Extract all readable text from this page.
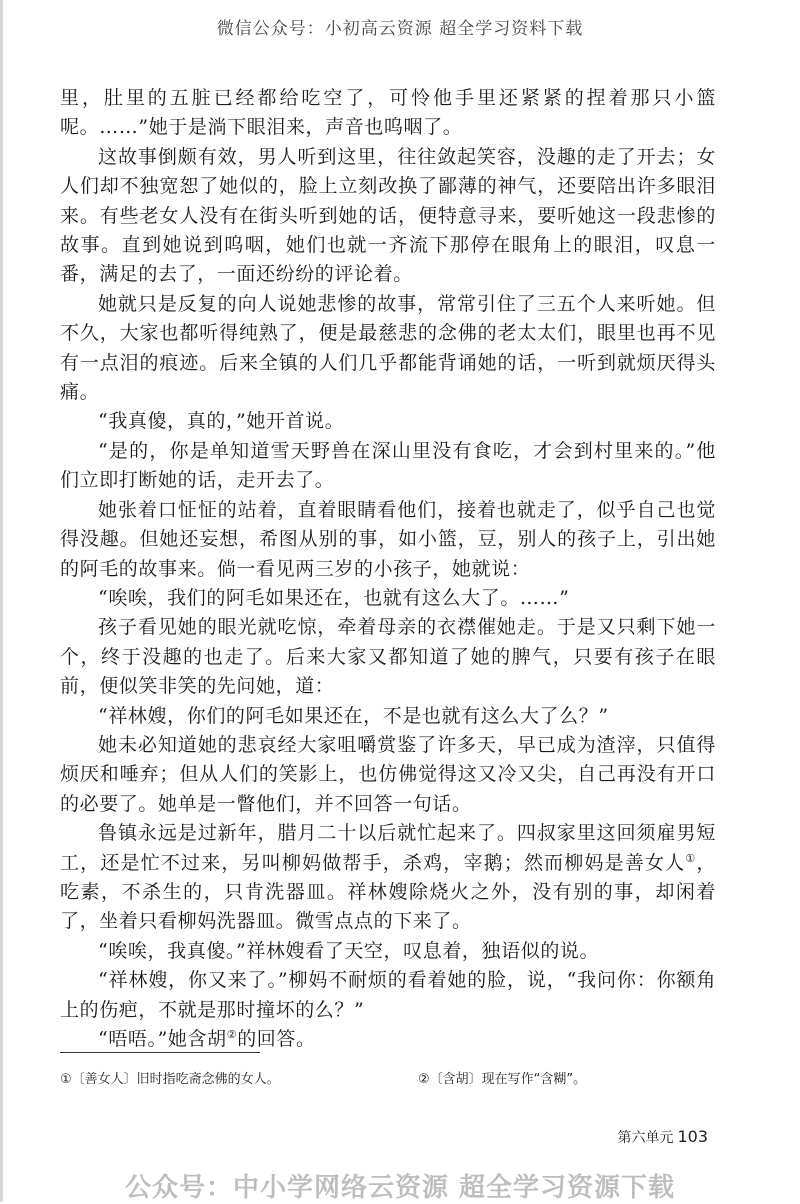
微信公众号：小初高云资源 超全学习资料下载

里，肚里的五脏已经都给吃空了，可怜他手里还紧紧的捏着那只小篮呢。……”她于是淌下眼泪来，声音也呜咽了。

这故事倒颇有效，男人听到这里，往往敛起笑容，没趣的走了开去；女人们却不独宽恕了她似的，脸上立刻改换了鄙薄的神气，还要陪出许多眼泪来。有些老女人没有在街头听到她的话，便特意寻来，要听她这一段悲惨的故事。直到她说到呜咽，她们也就一齐流下那停在眼角上的眼泪，叹息一番，满足的去了，一面还纷纷的评论着。

她就只是反复的向人说她悲惨的故事，常常引住了三五个人来听她。但不久，大家也都听得纯熟了，便是最慈悲的念佛的老太太们，眼里也再不见有一点泪的痕迹。后来全镇的人们几乎都能背诵她的话，一听到就烦厌得头痛。

“我真傻，真的，”她开首说。

“是的，你是单知道雪天野兽在深山里没有食吃，才会到村里来的。”他们立即打断她的话，走开去了。

她张着口怔怔的站着，直着眼睛看他们，接着也就走了，似乎自己也觉得没趣。但她还妄想，希图从别的事，如小篮，豆，别人的孩子上，引出她的阿毛的故事来。倘一看见两三岁的小孩子，她就说：

“唉唉，我们的阿毛如果还在，也就有这么大了。……”

孩子看见她的眼光就吃惊，牵着母亲的衣襟催她走。于是又只剩下她一个，终于没趣的也走了。后来大家又都知道了她的脾气，只要有孩子在眼前，便似笑非笑的先问她，道：

“祥林嫂，你们的阿毛如果还在，不是也就有这么大了么？”

她未必知道她的悲哀经大家咀嚼赏鉴了许多天，早已成为渣滓，只值得烦厌和唾弃；但从人们的笑影上，也仿佛觉得这又冷又尖，自己再没有开口的必要了。她单是一瞥他们，并不回答一句话。

鲁镇永远是过新年，腊月二十以后就忙起来了。四叔家里这回须雇男短工，还是忙不过来，另叫柳妈做帮手，杀鸡，宰鹅；然而柳妈是善女人①，吃素，不杀生的，只肯洗器皿。祥林嫂除烧火之外，没有别的事，却闲着了，坐着只看柳妈洗器皿。微雪点点的下来了。

“唉唉，我真傻。”祥林嫂看了天空，叹息着，独语似的说。

“祥林嫂，你又来了。”柳妈不耐烦的看着她的脸，说，“我问你：你额角上的伤疤，不就是那时撞坏的么？”

“唔唔。”她含胡②的回答。

①〔善女人〕旧时指吃斋念佛的女人。	②〔含胡〕现在写作“含糊”。
第六单元 103
公众号：中小学网络云资源 超全学习资源下载
